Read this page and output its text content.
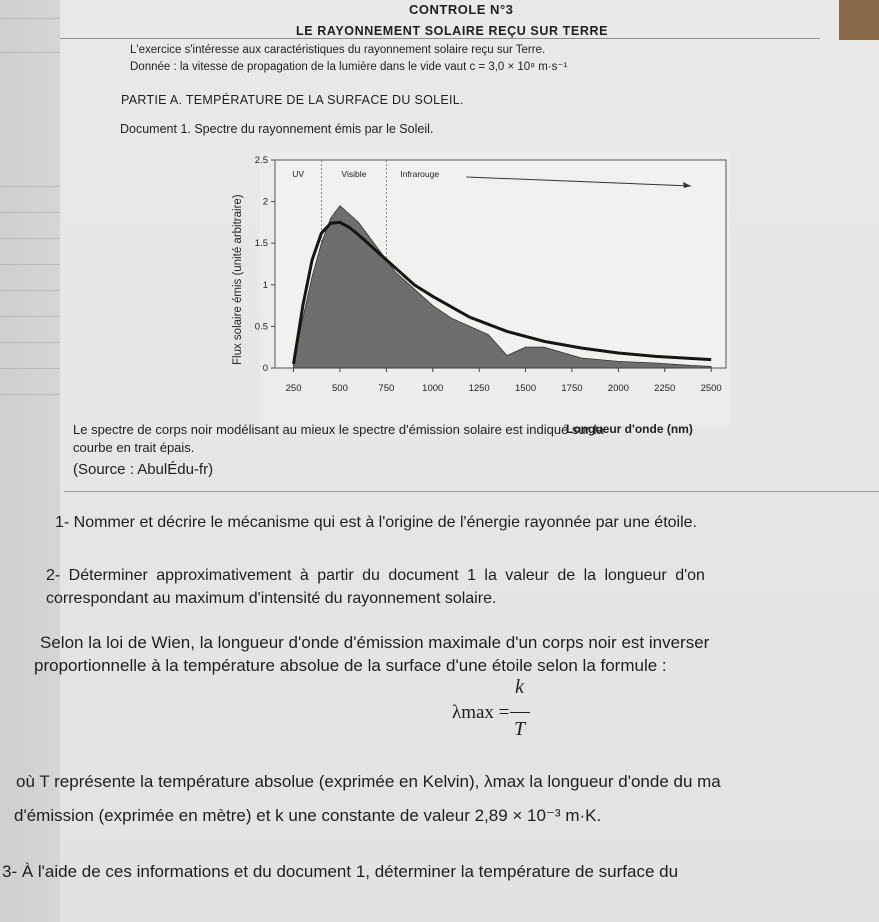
CONTROLE N°3
LE RAYONNEMENT SOLAIRE REÇU SUR TERRE
L'exercice s'intéresse aux caractéristiques du rayonnement solaire reçu sur Terre.
Donnée : la vitesse de propagation de la lumière dans le vide vaut c = 3,0 × 10⁸ m·s⁻¹
PARTIE A. TEMPÉRATURE DE LA SURFACE DU SOLEIL.
Document 1. Spectre du rayonnement émis par le Soleil.
UV	Visible	Infrarouge
250	500	750	1000	1250	1500	1750	2000	2250	2500
0
0.5
1
1.5
2
2.5
Flux solaire émis (unité arbitraire)
Longueur d'onde (nm)
Le spectre de corps noir modélisant au mieux le spectre d'émission solaire est indiqué sur la
courbe en trait épais.
(Source : AbulÉdu-fr)
1- Nommer et décrire le mécanisme qui est à l'origine de l'énergie rayonnée par une étoile.
2- Déterminer approximativement à partir du document 1 la valeur de la longueur d'on
correspondant au maximum d'intensité du rayonnement solaire.
Selon la loi de Wien, la longueur d'onde d'émission maximale d'un corps noir est inverser
proportionnelle à la température absolue de la surface d'une étoile selon la formule :
λmax =
k
T
où T représente la température absolue (exprimée en Kelvin), λmax la longueur d'onde du ma
d'émission (exprimée en mètre) et k une constante de valeur 2,89 × 10⁻³ m·K.
3- À l'aide de ces informations et du document 1, déterminer la température de surface du
